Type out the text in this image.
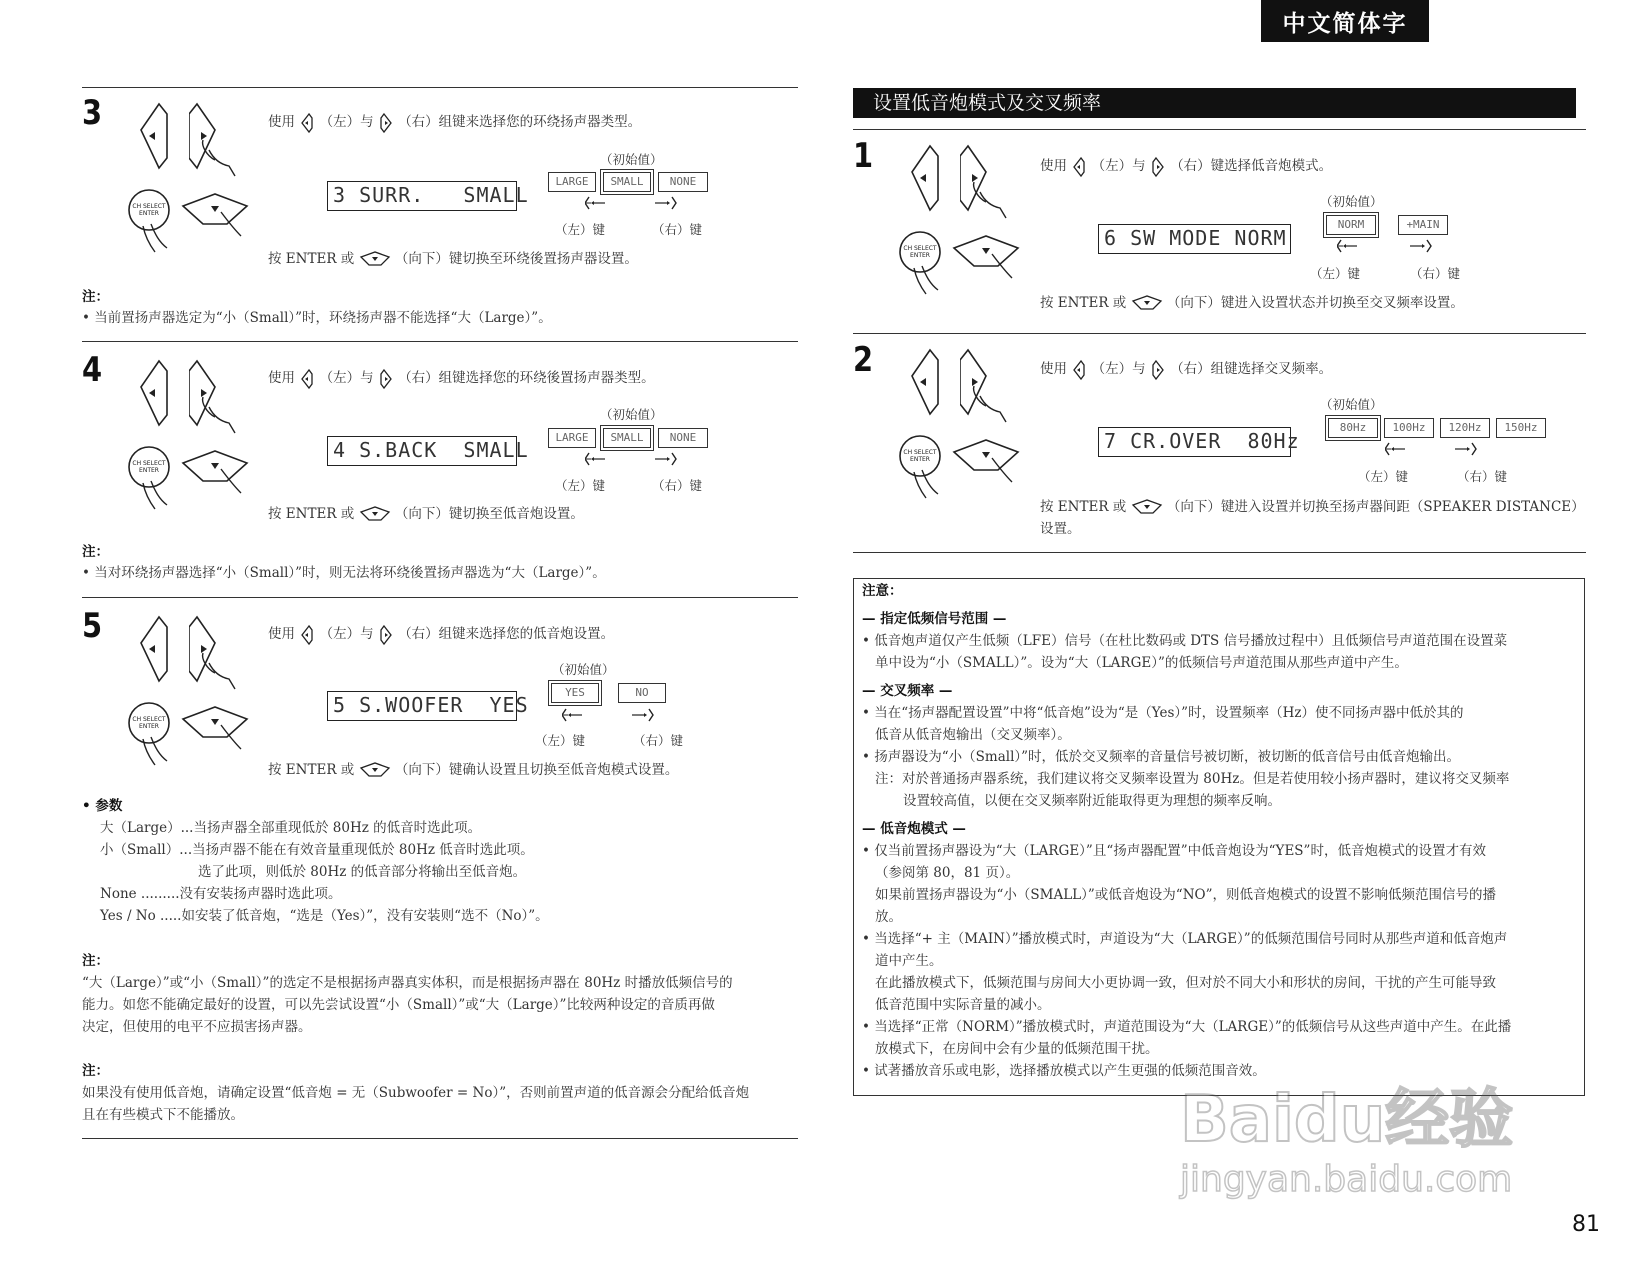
中文简体字
3
CH SELECT
ENTER
使用 （左）与 （右）组键来选择您的环绕扬声器类型。
（初始值）
3 SURR.   SMALL
LARGE	SMALL	NONE
（左）键	（右）键
按 ENTER 或	（向下）键切换至环绕後置扬声器设置。
注：
• 当前置扬声器选定为“小（Small）”时，环绕扬声器不能选择“大（Large）”。
4
CH SELECT
ENTER
使用 （左）与 （右）组键选择您的环绕後置扬声器类型。
（初始值）
4 S.BACK  SMALL
LARGE	SMALL	NONE
（左）键	（右）键
按 ENTER 或	（向下）键切换至低音炮设置。
注：
• 当对环绕扬声器选择“小（Small）”时，则无法将环绕後置扬声器选为“大（Large）”。
5
CH SELECT
ENTER
使用 （左）与 （右）组键来选择您的低音炮设置。
（初始值）
5 S.WOOFER  YES
YES	NO
（左）键	（右）键
按 ENTER 或	（向下）键确认设置且切换至低音炮模式设置。
• 参数
大（Large）...当扬声器全部重现低於 80Hz 的低音时选此项。
小（Small）...当扬声器不能在有效音量重现低於 80Hz 低音时选此项。
选了此项，则低於 80Hz 的低音部分将输出至低音炮。
None .........没有安装扬声器时选此项。
Yes / No .....如安装了低音炮，“选是（Yes）”，没有安装则“选不（No）”。
注：
“大（Large）”或“小（Small）”的选定不是根据扬声器真实体积，而是根据扬声器在 80Hz 时播放低频信号的
能力。如您不能确定最好的设置，可以先尝试设置“小（Small）”或“大（Large）”比较两种设定的音质再做
决定，但使用的电平不应损害扬声器。
注：
如果没有使用低音炮，请确定设置“低音炮 = 无（Subwoofer = No）”，否则前置声道的低音源会分配给低音炮
且在有些模式下不能播放。
设置低音炮模式及交叉频率
1
CH SELECT
ENTER
使用 （左）与 （右）键选择低音炮模式。
（初始值）
6 SW MODE NORM
NORM	+MAIN
（左）键	（右）键
按 ENTER 或	（向下）键进入设置状态并切换至交叉频率设置。
2
CH SELECT
ENTER
使用 （左）与 （右）组键选择交叉频率。
（初始值）
7 CR.OVER  80Hz
80Hz	100Hz	120Hz	150Hz
（左）键	（右）键
按 ENTER 或	（向下）键进入设置并切换至扬声器间距（SPEAKER DISTANCE）
设置。
注意：
— 指定低频信号范围 —
• 低音炮声道仅产生低频（LFE）信号（在杜比数码或 DTS 信号播放过程中）且低频信号声道范围在设置菜
单中设为“小（SMALL）”。设为“大（LARGE）”的低频信号声道范围从那些声道中产生。
— 交叉频率 —
• 当在“扬声器配置设置”中将“低音炮”设为“是（Yes）”时，设置频率（Hz）使不同扬声器中低於其的
低音从低音炮输出（交叉频率）。
• 扬声器设为“小（Small）”时，低於交叉频率的音量信号被切断，被切断的低音信号由低音炮输出。
注：对於普通扬声器系统，我们建议将交叉频率设置为 80Hz。但是若使用较小扬声器时，建议将交叉频率
设置较高值，以便在交叉频率附近能取得更为理想的频率反响。
— 低音炮模式 —
• 仅当前置扬声器设为“大（LARGE）”且“扬声器配置”中低音炮设为“YES”时，低音炮模式的设置才有效
（参阅第 80，81 页）。
如果前置扬声器设为“小（SMALL）”或低音炮设为“NO”，则低音炮模式的设置不影响低频范围信号的播
放。
• 当选择“+ 主（MAIN）”播放模式时，声道设为“大（LARGE）”的低频范围信号同时从那些声道和低音炮声
道中产生。
在此播放模式下，低频范围与房间大小更协调一致，但对於不同大小和形状的房间，干扰的产生可能导致
低音范围中实际音量的减小。
• 当选择“正常（NORM）”播放模式时，声道范围设为“大（LARGE）”的低频信号从这些声道中产生。在此播
放模式下，在房间中会有少量的低频范围干扰。
• 试著播放音乐或电影，选择播放模式以产生更强的低频范围音效。
Baidu经验
jingyan.baidu.com
81
